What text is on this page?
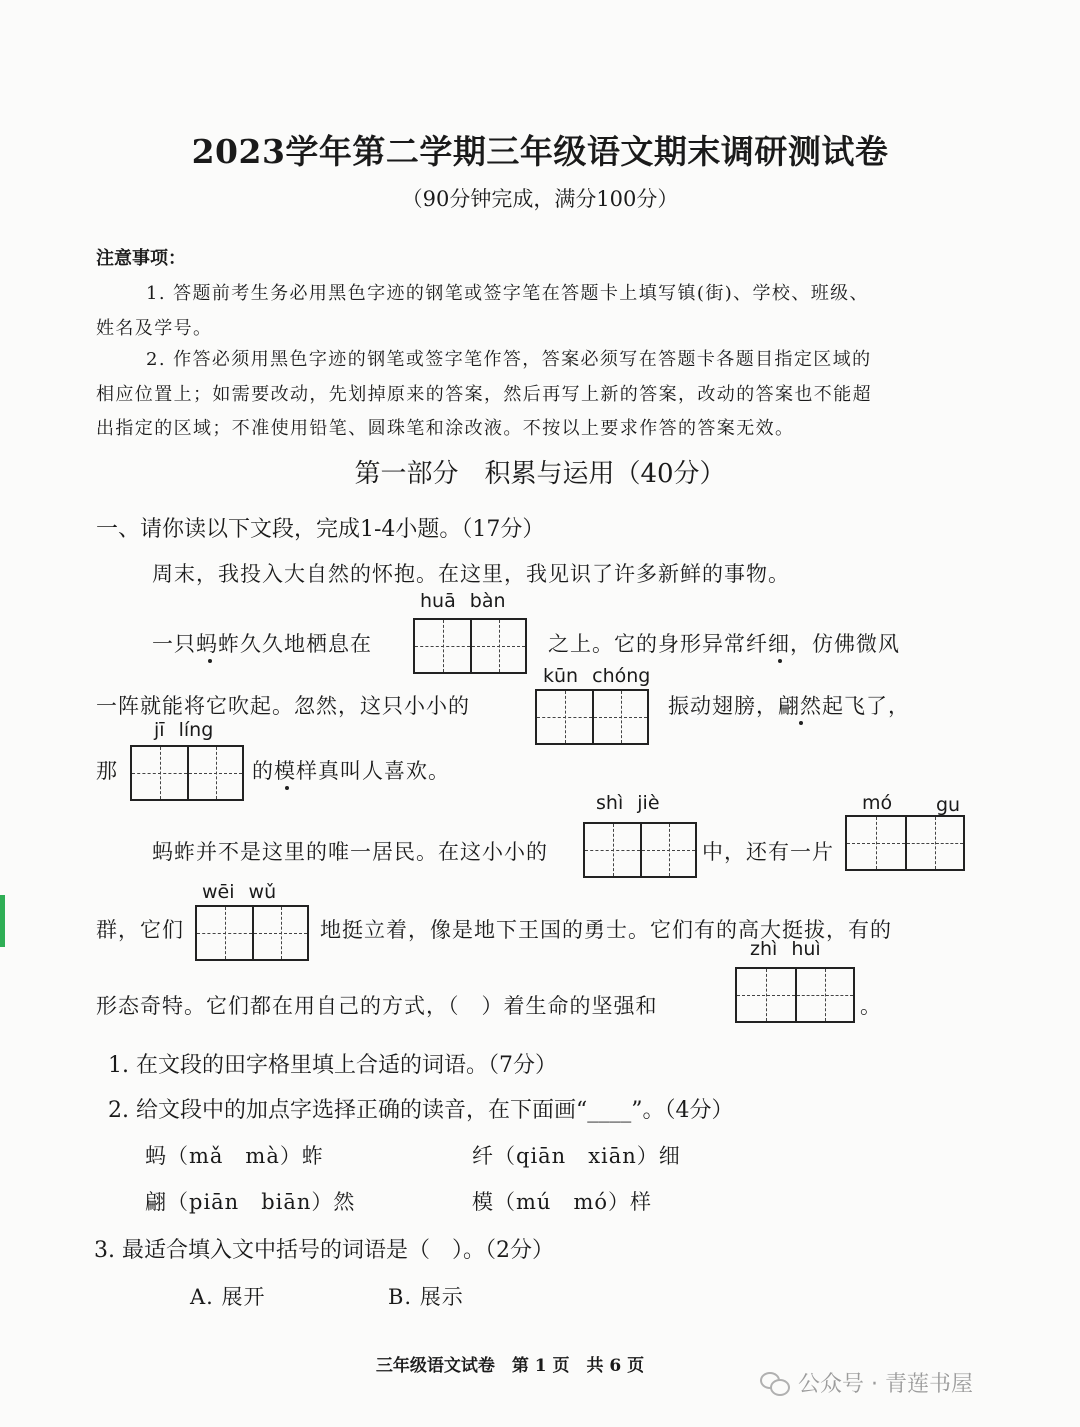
2023学年第二学期三年级语文期末调研测试卷
（90分钟完成，满分100分）
注意事项：
1. 答题前考生务必用黑色字迹的钢笔或签字笔在答题卡上填写镇(街)、学校、班级、
姓名及学号。
2. 作答必须用黑色字迹的钢笔或签字笔作答，答案必须写在答题卡各题目指定区域的
相应位置上；如需要改动，先划掉原来的答案，然后再写上新的答案，改动的答案也不能超
出指定的区域；不准使用铅笔、圆珠笔和涂改液。不按以上要求作答的答案无效。
第一部分　积累与运用（40分）
一、请你读以下文段，完成1-4小题。（17分）
周末，我投入大自然的怀抱。在这里，我见识了许多新鲜的事物。
huā bàn
一只蚂蚱久久地栖息在	之上。它的身形异常纤细，仿佛微风
kūn chóng
一阵就能将它吹起。忽然，这只小小的	振动翅膀，翩然起飞了，
jī líng
那	的模样真叫人喜欢。
shì jiè	mó gu
蚂蚱并不是这里的唯一居民。在这小小的	中，还有一片
wēi wǔ
群，它们	地挺立着，像是地下王国的勇士。它们有的高大挺拔，有的
zhì huì
形态奇特。它们都在用自己的方式，（　）着生命的坚强和	。
1. 在文段的田字格里填上合适的词语。（7分）
2. 给文段中的加点字选择正确的读音，在下面画“____”。（4分）
蚂（mǎ　mà）蚱	纤（qiān　xiān）细
翩（piān　biān）然	模（mú　mó）样
3. 最适合填入文中括号的词语是（　）。（2分）
A. 展开	B. 展示
三年级语文试卷　第 1 页　共 6 页
公众号 · 青莲书屋
